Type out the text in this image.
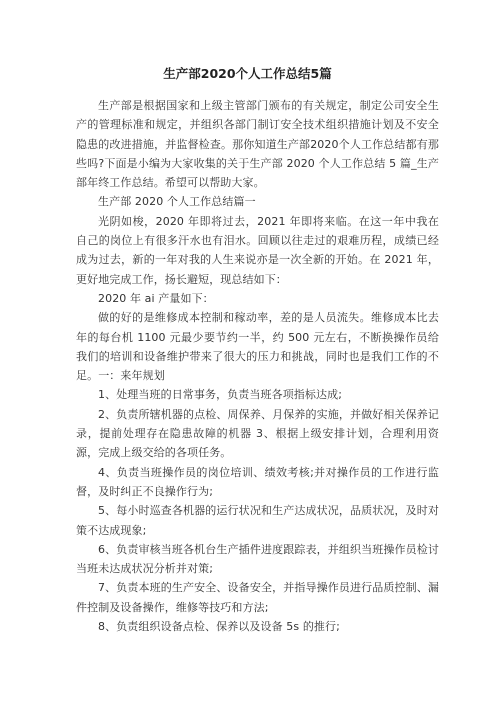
生产部2020个人工作总结5篇

生产部是根据国家和上级主管部门颁布的有关规定，制定公司安全生产的管理标准和规定，并组织各部门制订安全技术组织措施计划及不安全隐患的改进措施，并监督检查。那你知道生产部2020个人工作总结都有那些吗?下面是小编为大家收集的关于生产部 2020 个人工作总结 5 篇_生产部年终工作总结。希望可以帮助大家。

生产部 2020 个人工作总结篇一

光阴如梭，2020 年即将过去，2021 年即将来临。在这一年中我在自己的岗位上有很多汗水也有泪水。回顾以往走过的艰难历程，成绩已经成为过去，新的一年对我的人生来说亦是一次全新的开始。在 2021 年，更好地完成工作，扬长避短，现总结如下：

2020 年 ai 产量如下：

做的好的是维修成本控制和稼动率，差的是人员流失。维修成本比去年的每台机 1100 元最少要节约一半，约 500 元左右，不断换操作员给我们的培训和设备维护带来了很大的压力和挑战，同时也是我们工作的不足。一：来年规划

1、处理当班的日常事务，负责当班各项指标达成;

2、负责所辖机器的点检、周保养、月保养的实施，并做好相关保养记录，提前处理存在隐患故障的机器 3、根据上级安排计划，合理利用资源，完成上级交给的各项任务。

4、负责当班操作员的岗位培训、绩效考核;并对操作员的工作进行监督，及时纠正不良操作行为;

5、每小时巡查各机器的运行状况和生产达成状况，品质状况，及时对策不达成现象;

6、负责审核当班各机台生产插件进度跟踪表，并组织当班操作员检讨当班未达成状况分析并对策;

7、负责本班的生产安全、设备安全，并指导操作员进行品质控制、漏件控制及设备操作，维修等技巧和方法;

8、负责组织设备点检、保养以及设备 5s 的推行;
